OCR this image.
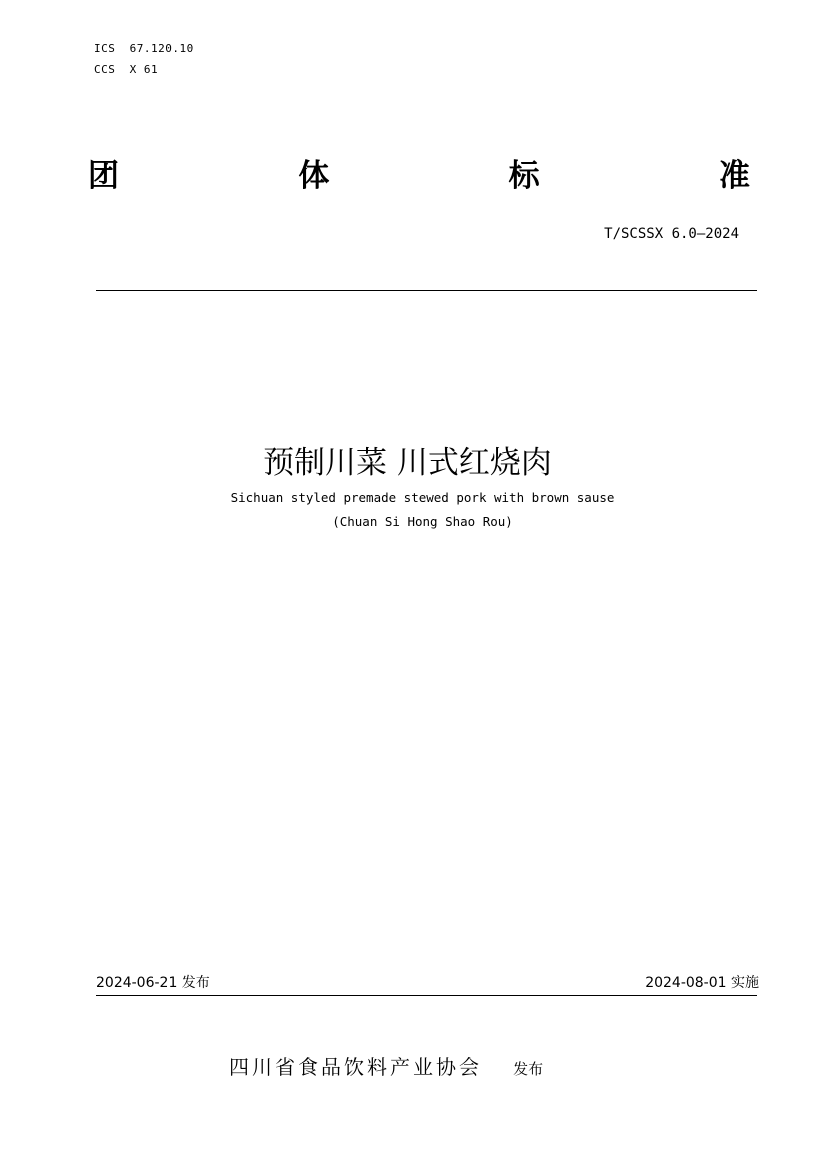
ICS  67.120.10
CCS  X 61
团	体	标	准
T/SCSSX 6.0—2024
预制川菜 川式红烧肉
Sichuan styled premade stewed pork with brown sause
(Chuan Si Hong Shao Rou)
2024-06-21 发布	2024-08-01 实施
四川省食品饮料产业协会 发布
